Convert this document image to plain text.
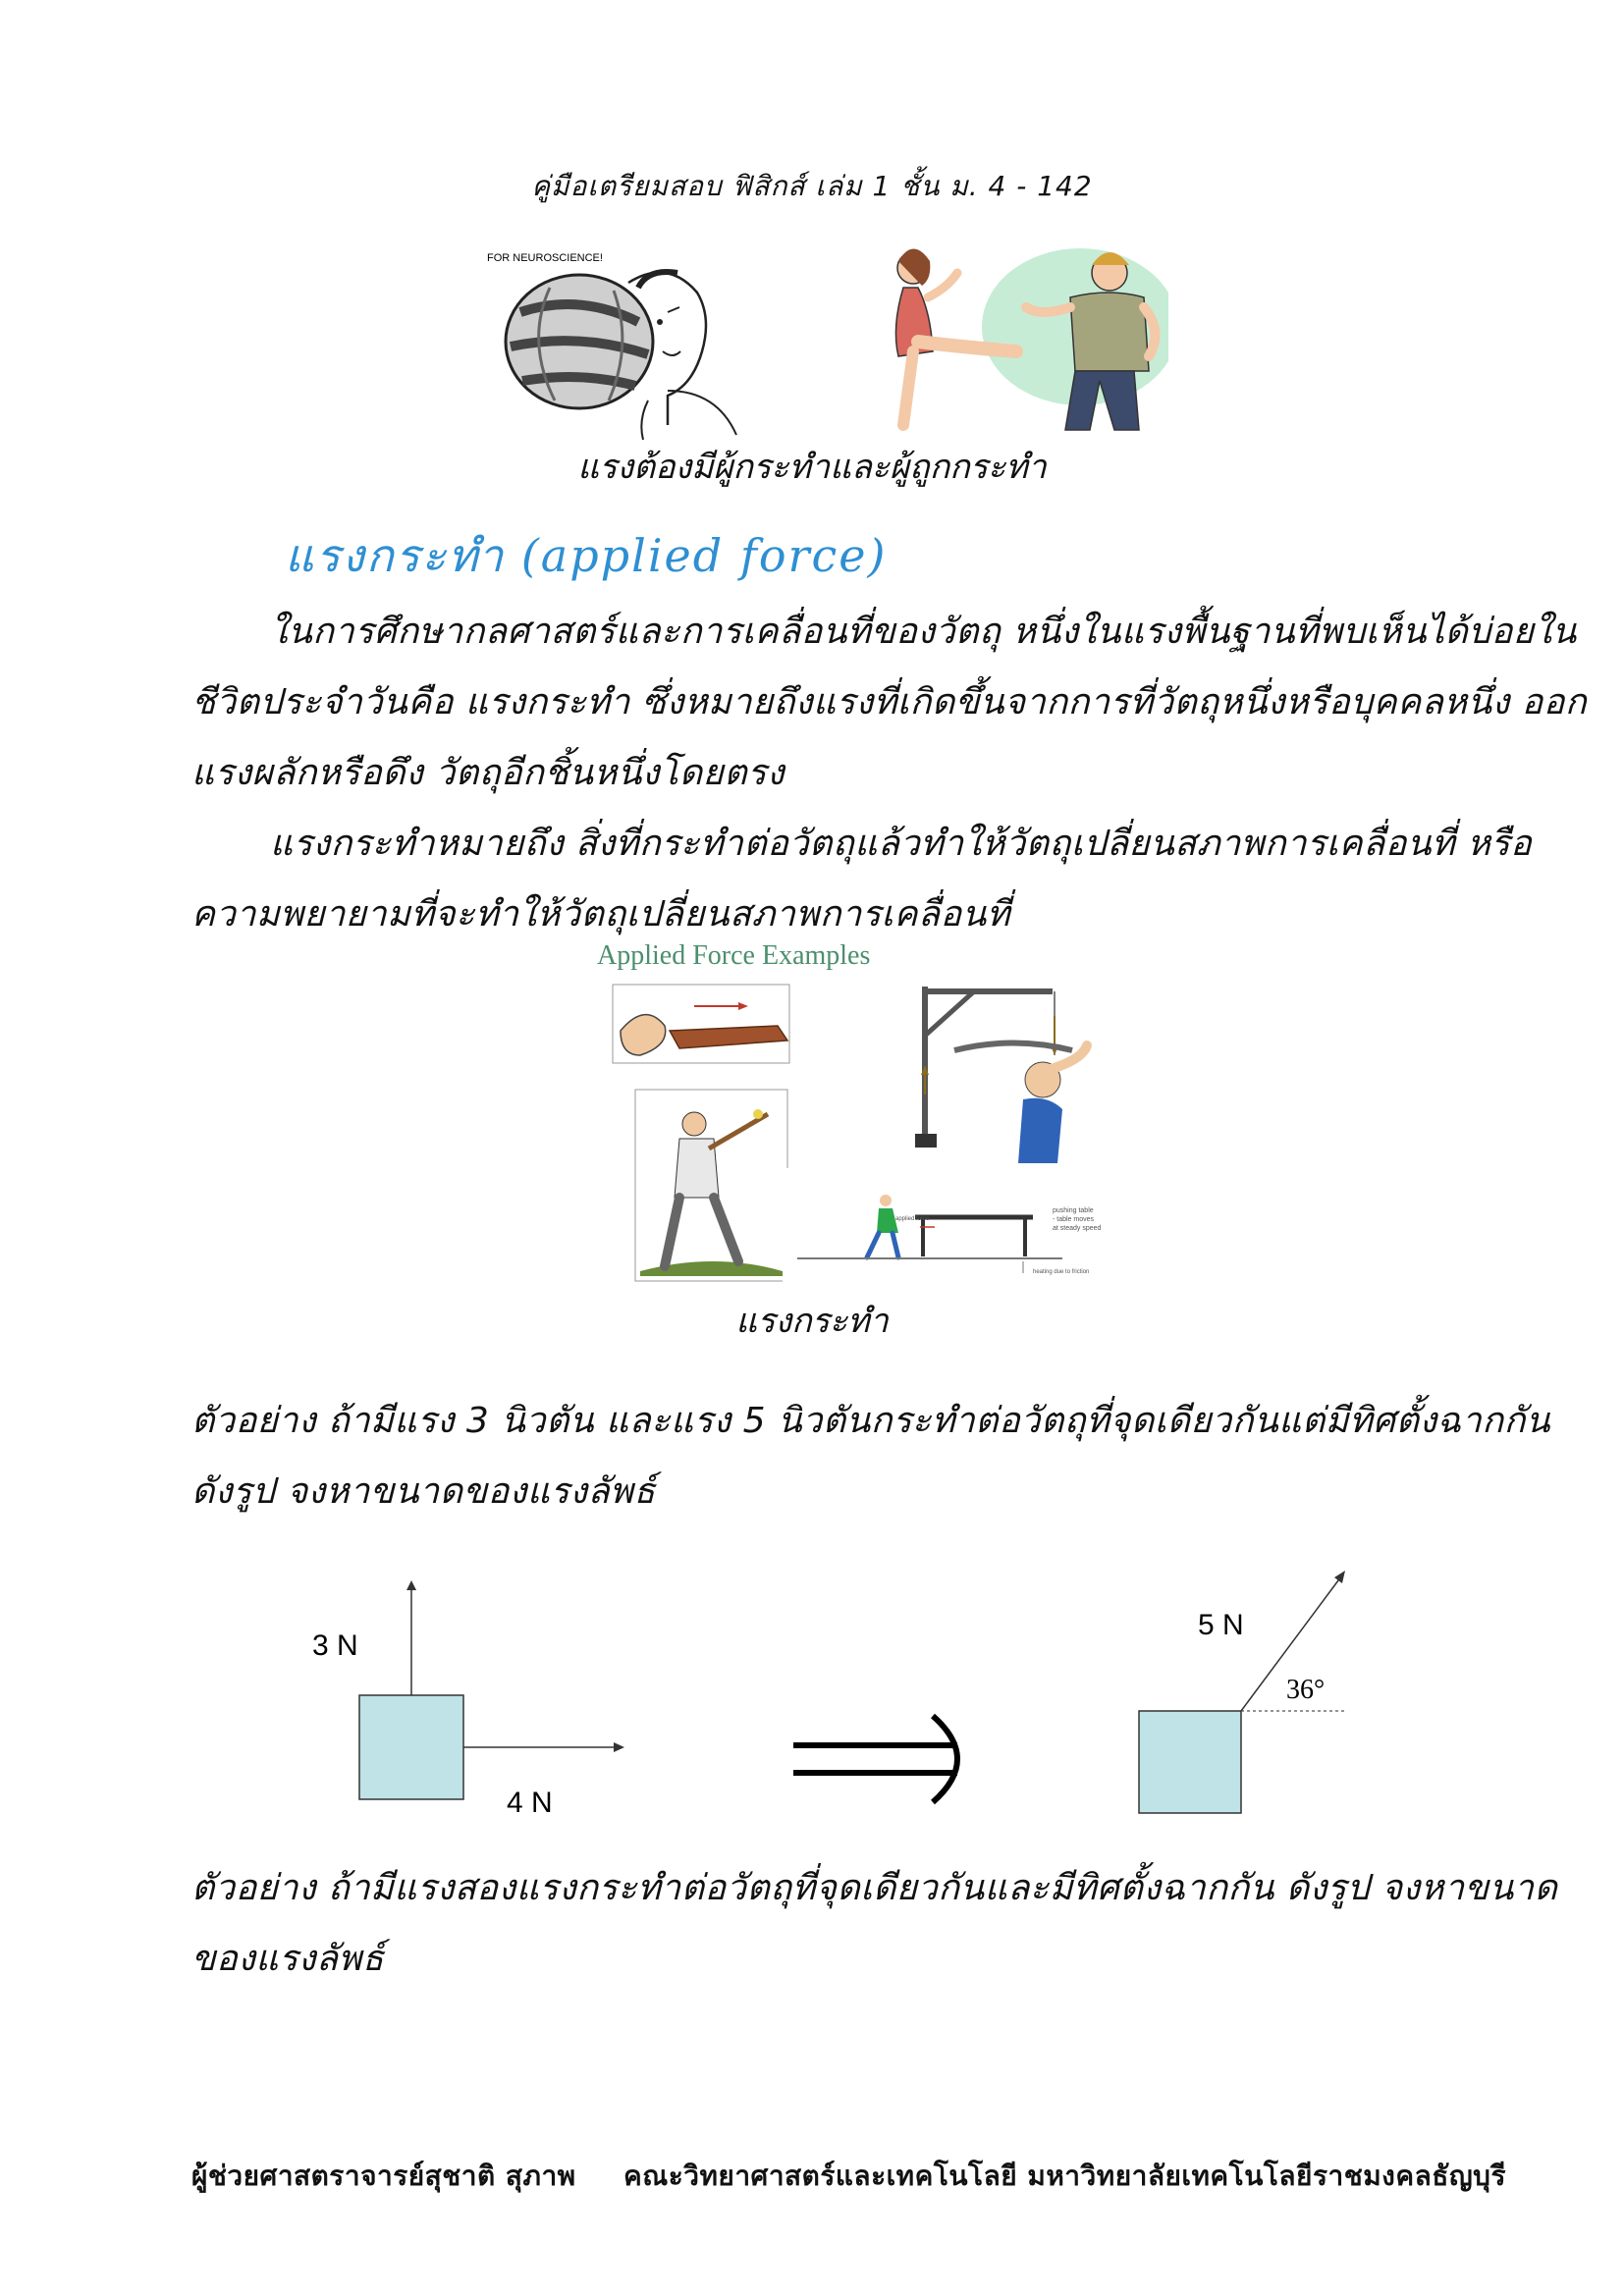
คู่มือเตรียมสอบ ฟิสิกส์ เล่ม 1 ชั้น ม. 4 - 142
FOR NEUROSCIENCE!
แรงต้องมีผู้กระทำและผู้ถูกกระทำ
แรงกระทำ (applied force)
ในการศึกษากลศาสตร์และการเคลื่อนที่ของวัตถุ หนึ่งในแรงพื้นฐานที่พบเห็นได้บ่อยใน
ชีวิตประจำวันคือ แรงกระทำ ซึ่งหมายถึงแรงที่เกิดขึ้นจากการที่วัตถุหนึ่งหรือบุคคลหนึ่ง ออก
แรงผลักหรือดึง วัตถุอีกชิ้นหนึ่งโดยตรง
แรงกระทำหมายถึง สิ่งที่กระทำต่อวัตถุแล้วทำให้วัตถุเปลี่ยนสภาพการเคลื่อนที่ หรือ
ความพยายามที่จะทำให้วัตถุเปลี่ยนสภาพการเคลื่อนที่
Applied Force Examples
pushing table
- table moves
at steady speed
applied force
heating due to friction
แรงกระทำ
ตัวอย่าง ถ้ามีแรง 3 นิวตัน และแรง 5 นิวตันกระทำต่อวัตถุที่จุดเดียวกันแต่มีทิศตั้งฉากกัน
ดังรูป จงหาขนาดของแรงลัพธ์
3 N
4 N
5 N
36°
ตัวอย่าง ถ้ามีแรงสองแรงกระทำต่อวัตถุที่จุดเดียวกันและมีทิศตั้งฉากกัน ดังรูป จงหาขนาด
ของแรงลัพธ์
ผู้ช่วยศาสตราจารย์สุชาติ สุภาพ คณะวิทยาศาสตร์และเทคโนโลยี มหาวิทยาลัยเทคโนโลยีราชมงคลธัญบุรี
